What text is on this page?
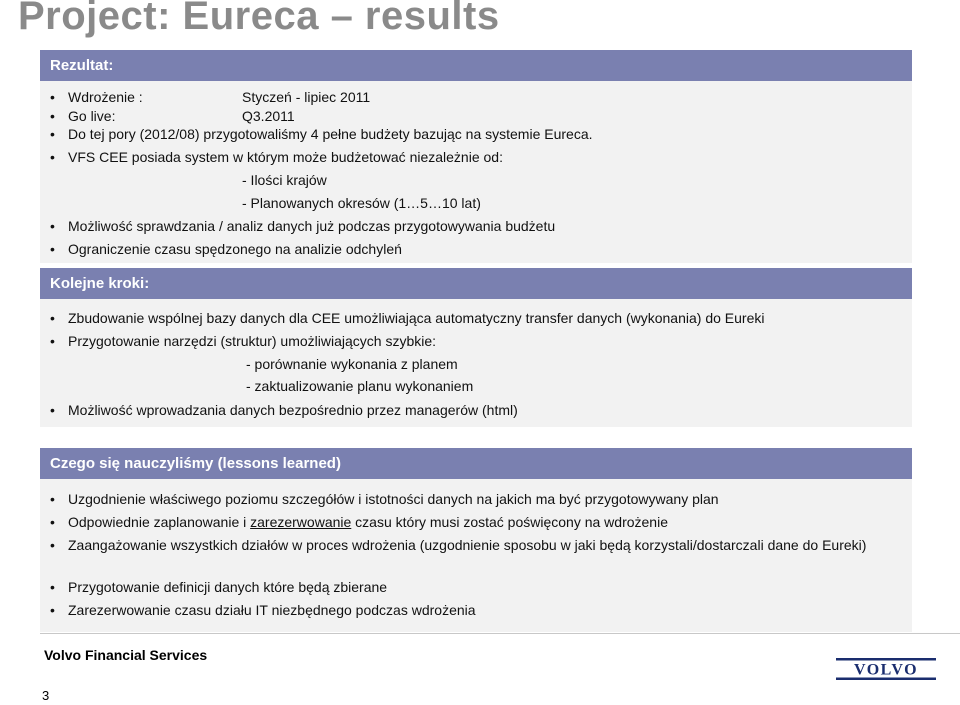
Project: Eureca – results
Rezultat:
• Wdrożenie :	Styczeń - lipiec 2011
• Go live:	Q3.2011
• Do tej pory (2012/08) przygotowaliśmy 4 pełne budżety bazując na systemie Eureca.
• VFS CEE posiada system w którym może budżetować niezależnie od:
- Ilości krajów
- Planowanych okresów (1…5…10 lat)
• Możliwość sprawdzania / analiz danych już podczas przygotowywania budżetu
• Ograniczenie czasu spędzonego na analizie odchyleń
Kolejne kroki:
• Zbudowanie wspólnej bazy danych dla CEE umożliwiająca automatyczny transfer danych (wykonania) do Eureki
• Przygotowanie narzędzi (struktur) umożliwiających szybkie:
- porównanie wykonania z planem
- zaktualizowanie planu wykonaniem
• Możliwość wprowadzania danych bezpośrednio przez managerów (html)
Czego się nauczyliśmy (lessons learned)
• Uzgodnienie właściwego poziomu szczegółów i istotności danych na jakich ma być przygotowywany plan
• Odpowiednie zaplanowanie i zarezerwowanie czasu który musi zostać poświęcony na wdrożenie
• Zaangażowanie wszystkich działów w proces wdrożenia (uzgodnienie sposobu w jaki będą korzystali/dostarczali dane do Eureki)
• Przygotowanie definicji danych które będą zbierane
• Zarezerwowanie czasu działu IT niezbędnego podczas wdrożenia
Volvo Financial Services
3
VOLVO
